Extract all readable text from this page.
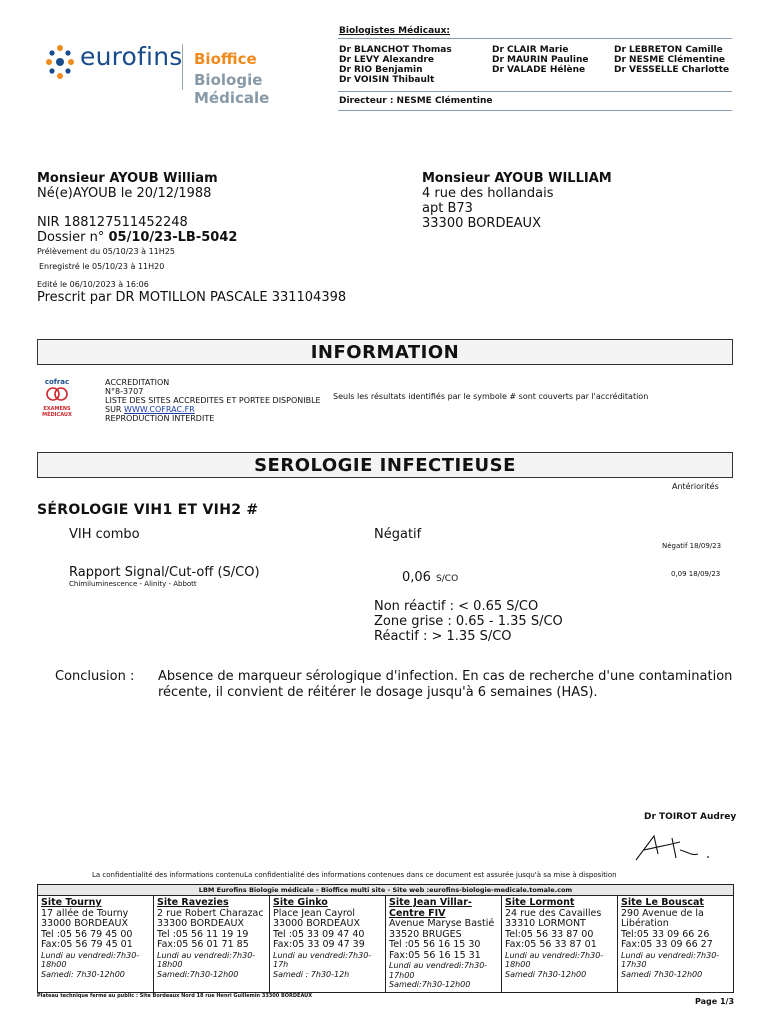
eurofins Bioffice
Biologie Médicale
Biologistes Médicaux:
Dr BLANCHOT Thomas
Dr LEVY Alexandre
Dr RIO Benjamin
Dr VOISIN Thibault
Dr CLAIR Marie
Dr MAURIN Pauline
Dr VALADE Hélène
Dr LEBRETON Camille
Dr NESME Clémentine
Dr VESSELLE Charlotte
Directeur : NESME Clémentine
Monsieur AYOUB William
Né(e)AYOUB le 20/12/1988
NIR 188127511452248
Dossier n° 05/10/23-LB-5042
Prélèvement du 05/10/23 à 11H25
Enregistré le 05/10/23 à 11H20
Edité le 06/10/2023 à 16:06
Prescrit par DR MOTILLON PASCALE 331104398
Monsieur AYOUB WILLIAM
4 rue des hollandais
apt B73
33300 BORDEAUX
INFORMATION
cofrac
EXAMENS
MÉDICAUX
ACCREDITATION
N°8-3707
LISTE DES SITES ACCREDITES ET PORTEE DISPONIBLE
SUR WWW.COFRAC.FR
REPRODUCTION INTERDITE
Seuls les résultats identifiés par le symbole # sont couverts par l'accréditation
SEROLOGIE INFECTIEUSE
Antériorités
SÉROLOGIE VIH1 ET VIH2 #
VIH combo	Négatif
Négatif 18/09/23
Rapport Signal/Cut-off (S/CO)
Chimiluminescence - Alinity - Abbott	0,06 S/CO	0,09 18/09/23
Non réactif : < 0.65 S/CO
Zone grise : 0.65 - 1.35 S/CO
Réactif : > 1.35 S/CO
Conclusion : Absence de marqueur sérologique d'infection. En cas de recherche d'une contamination
récente, il convient de réitérer le dosage jusqu'à 6 semaines (HAS).
Dr TOIROT Audrey
La confidentialité des informations contenuLa confidentialité des informations contenues dans ce document est assurée jusqu'à sa mise à disposition
LBM Eurofins Biologie médicale - Bioffice multi site - Site web :eurofins-biologie-medicale.tomale.com
Site Tourny
17 allée de Tourny
33000 BORDEAUX
Tel :05 56 79 45 00
Fax:05 56 79 45 01
Lundi au vendredi:7h30-
18h00
Samedi: 7h30-12h00
Site Ravezies
2 rue Robert Charazac
33300 BORDEAUX
Tel :05 56 11 19 19
Fax:05 56 01 71 85
Lundi au vendredi:7h30-
18h00
Samedi:7h30-12h00
Site Ginko
Place Jean Cayrol
33000 BORDEAUX
Tel :05 33 09 47 40
Fax:05 33 09 47 39
Lundi au vendredi:7h30-
17h
Samedi : 7h30-12h
Site Jean Villar-Centre FIV
Avenue Maryse Bastié
33520 BRUGES
Tel :05 56 16 15 30
Fax:05 56 16 15 31
Lundi au vendredi:7h30-
17h00
Samedi:7h30-12h00
Site Lormont
24 rue des Cavailles
33310 LORMONT
Tel:05 56 33 87 00
Fax:05 56 33 87 01
Lundi au vendredi:7h30-
18h00
Samedi 7h30-12h00
Site Le Bouscat
290 Avenue de la Libération
Tel:05 33 09 66 26
Fax:05 33 09 66 27
Lundi au vendredi:7h30-
17h30
Samedi 7h30-12h00
Plateau technique fermé au public : Site Bordeaux Nord 18 rue Henri Guillemin 33300 BORDEAUX
Page 1/3
